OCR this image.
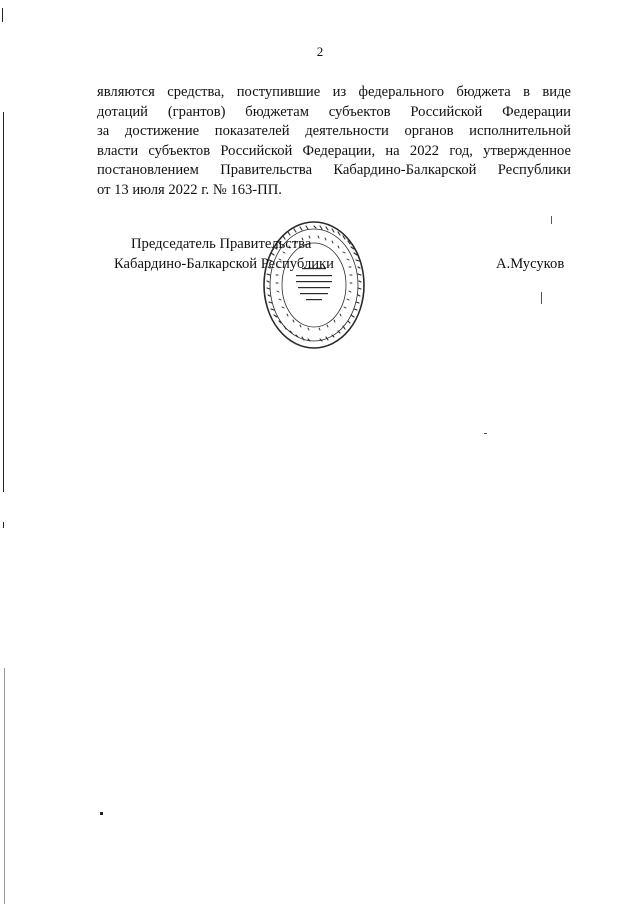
2
являются средства, поступившие из федерального бюджета в виде
дотаций (грантов) бюджетам субъектов Российской Федерации
за достижение показателей деятельности органов исполнительной
власти субъектов Российской Федерации, на 2022 год, утвержденное
постановлением Правительства Кабардино-Балкарской Республики
от 13 июля 2022 г. № 163-ПП.
Председатель Правительства
Кабардино-Балкарской Республики	А.Мусуков
